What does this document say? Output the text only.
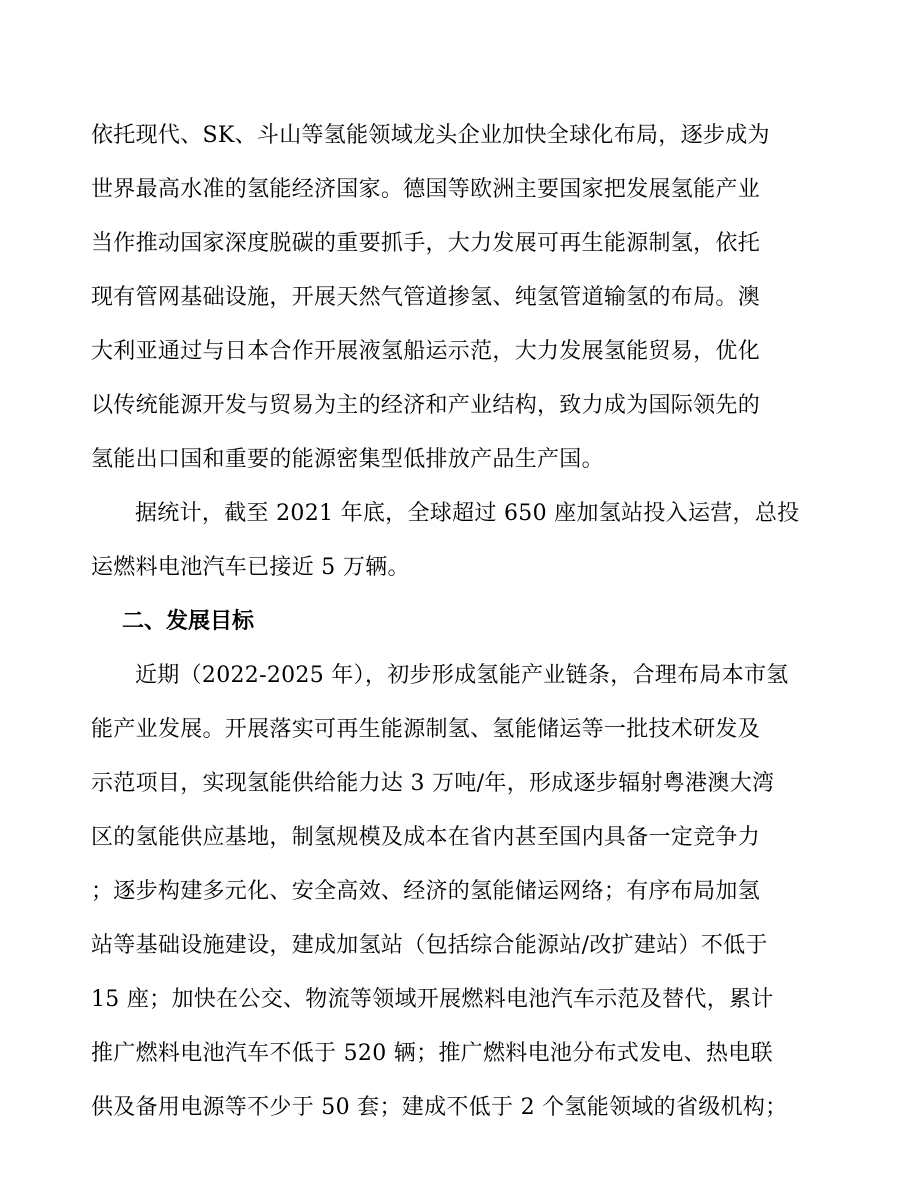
依托现代、SK、斗山等氢能领域龙头企业加快全球化布局，逐步成为
世界最高水准的氢能经济国家。德国等欧洲主要国家把发展氢能产业
当作推动国家深度脱碳的重要抓手，大力发展可再生能源制氢，依托
现有管网基础设施，开展天然气管道掺氢、纯氢管道输氢的布局。澳
大利亚通过与日本合作开展液氢船运示范，大力发展氢能贸易，优化
以传统能源开发与贸易为主的经济和产业结构，致力成为国际领先的
氢能出口国和重要的能源密集型低排放产品生产国。
据统计，截至 2021 年底，全球超过 650 座加氢站投入运营，总投
运燃料电池汽车已接近 5 万辆。
二、发展目标
近期（2022-2025 年），初步形成氢能产业链条，合理布局本市氢
能产业发展。开展落实可再生能源制氢、氢能储运等一批技术研发及
示范项目，实现氢能供给能力达 3 万吨/年，形成逐步辐射粤港澳大湾
区的氢能供应基地，制氢规模及成本在省内甚至国内具备一定竞争力
；逐步构建多元化、安全高效、经济的氢能储运网络；有序布局加氢
站等基础设施建设，建成加氢站（包括综合能源站/改扩建站）不低于
15 座；加快在公交、物流等领域开展燃料电池汽车示范及替代，累计
推广燃料电池汽车不低于 520 辆；推广燃料电池分布式发电、热电联
供及备用电源等不少于 50 套；建成不低于 2 个氢能领域的省级机构；
